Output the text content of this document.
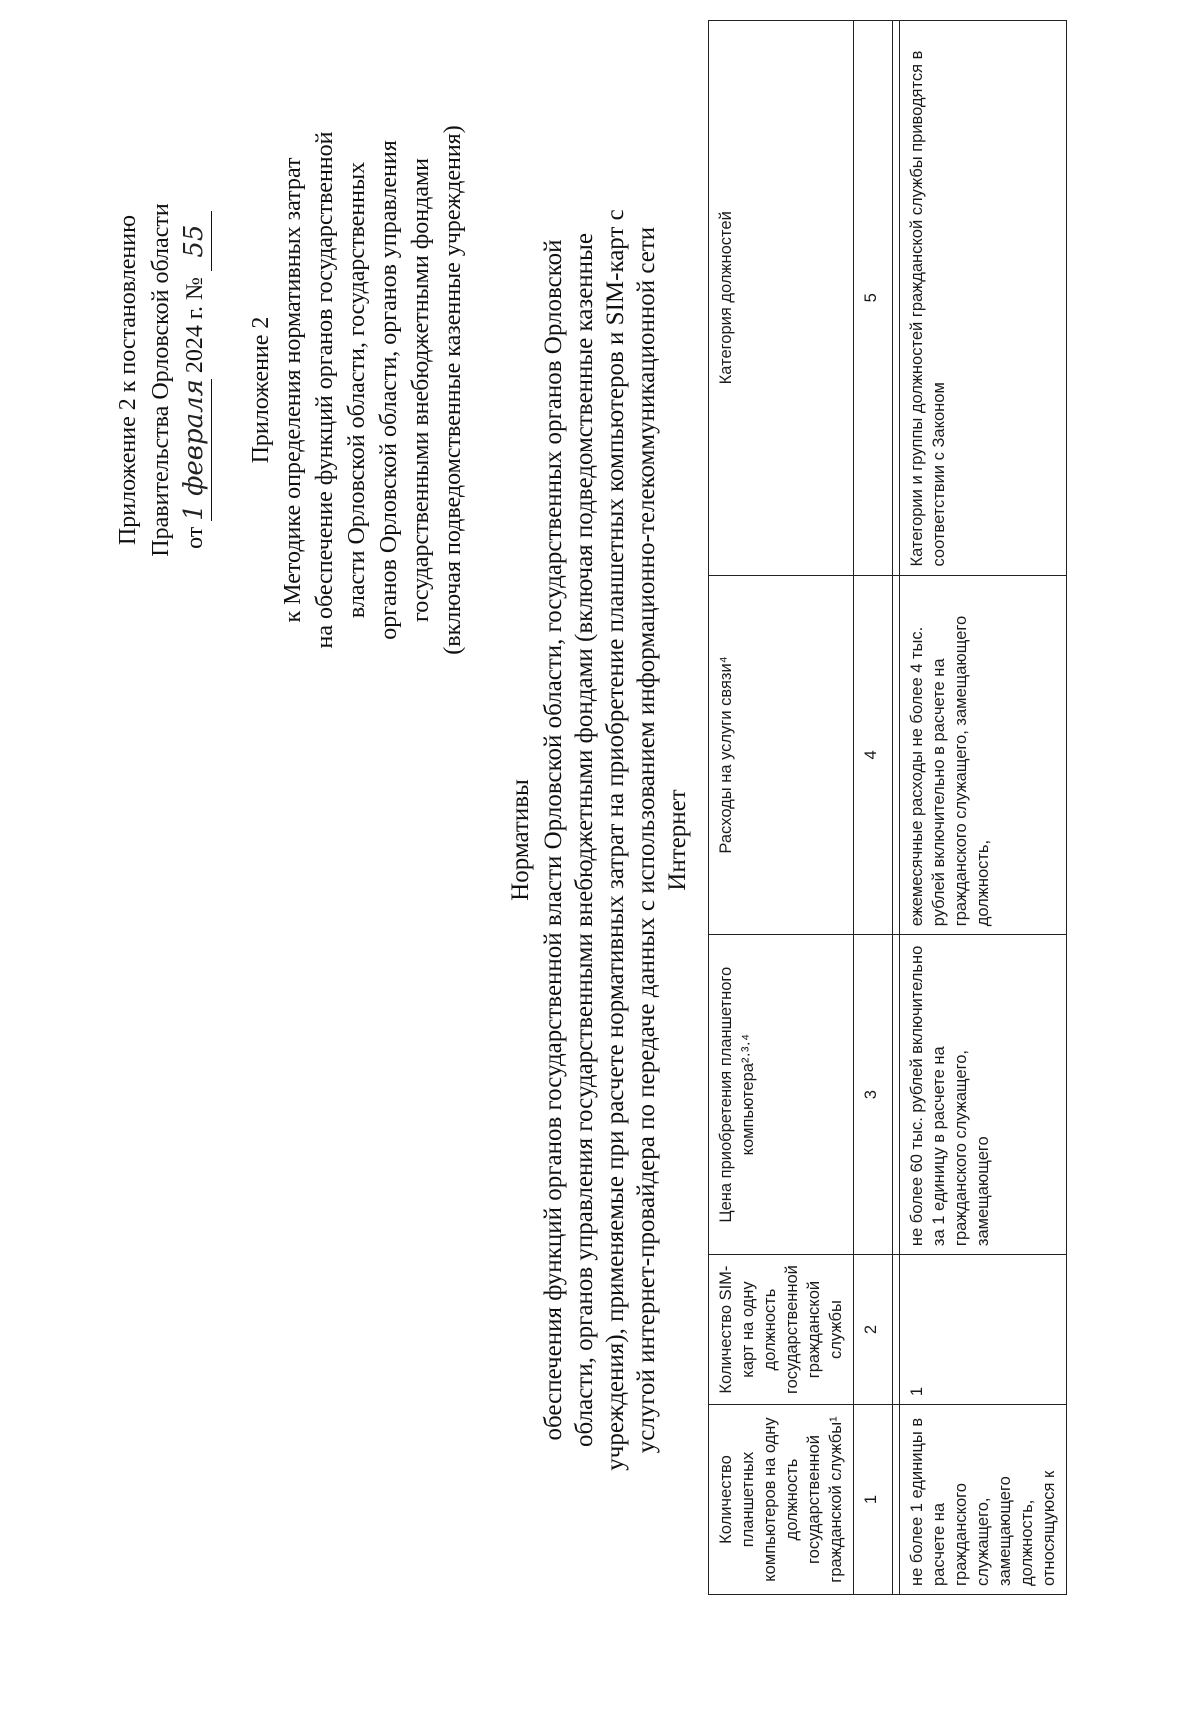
Приложение 2 к постановлению Правительства Орловской области от 1 февраля 2024 г. № 55
Приложение 2 к Методике определения нормативных затрат на обеспечение функций органов государственной власти Орловской области, государственных органов Орловской области, органов управления государственными внебюджетными фондами (включая подведомственные казенные учреждения)
Нормативы обеспечения функций органов государственной власти Орловской области, государственных органов Орловской области, органов управления государственными внебюджетными фондами (включая подведомственные казенные учреждения), применяемые при расчете нормативных затрат на приобретение планшетных компьютеров и SIM-карт с услугой интернет-провайдера по передаче данных с использованием информационно-телекоммуникационной сети Интернет
Количество планшетных компьютеров на одну должность государственной гражданской службы¹	Количество SIM-карт на одну должность государственной гражданской службы	Цена приобретения планшетного компьютера²·³·⁴	Расходы на услуги связи⁴	Категория должностей
1	2	3	4	5

не более 1 единицы в расчете на гражданского служащего, замещающего должность, относящуюся к	1	не более 60 тыс. рублей включительно за 1 единицу в расчете на гражданского служащего, замещающего	ежемесячные расходы не более 4 тыс. рублей включительно в расчете на гражданского служащего, замещающего должность,	Категории и группы должностей гражданской службы приводятся в соответствии с Законом
